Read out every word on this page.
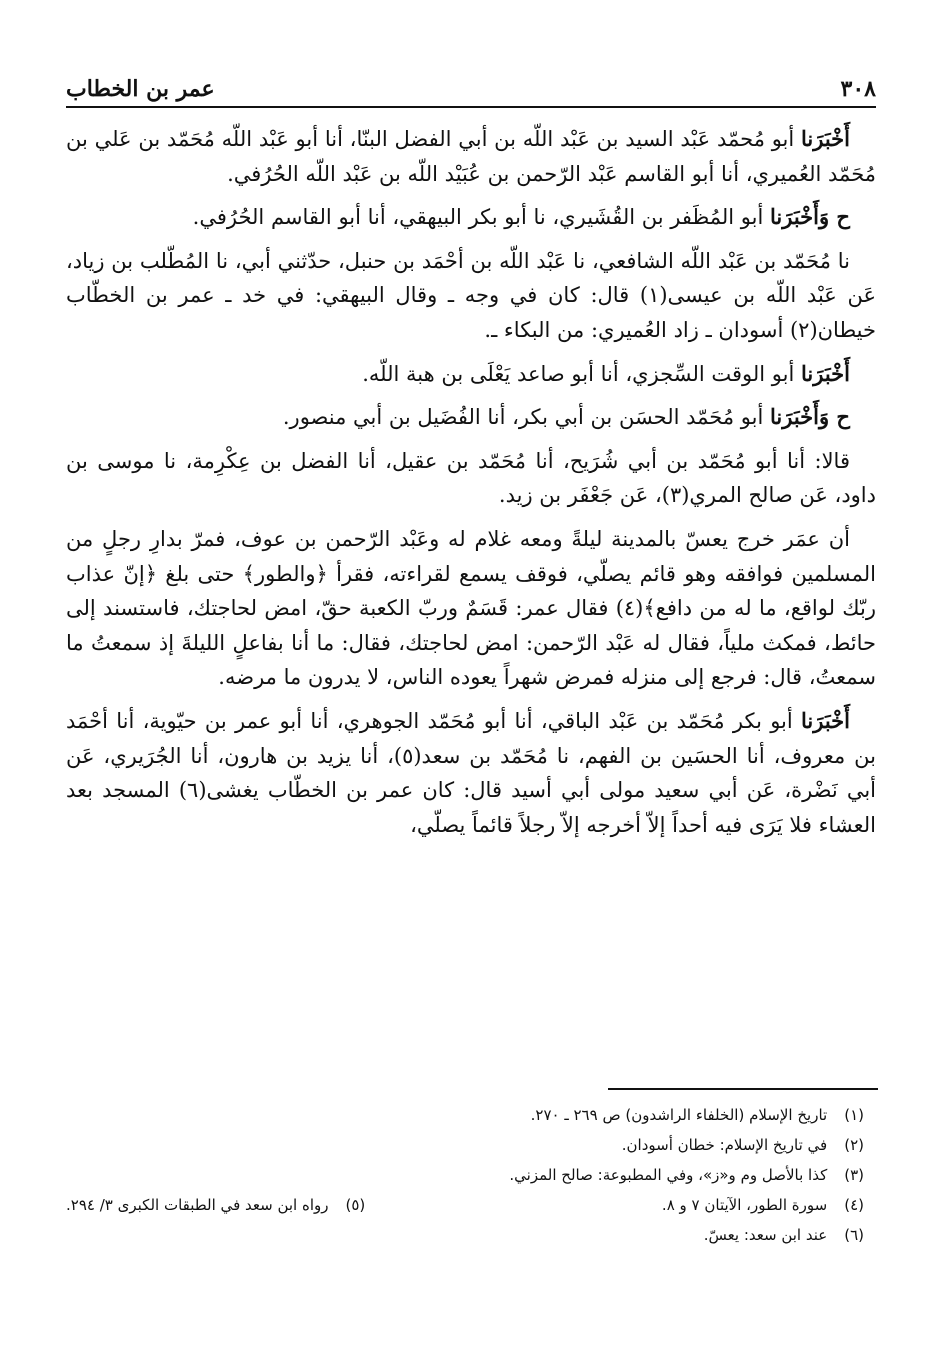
٣٠٨
عمر بن الخطاب

أَخْبَرَنا أبو مُحمّد عَبْد السيد بن عَبْد اللّه بن أبي الفضل البنّا، أنا أبو عَبْد اللّه مُحَمّد بن عَلي بن مُحَمّد العُميري، أنا أبو القاسم عَبْد الرّحمن بن عُبَيْد اللّه بن عَبْد اللّه الحُرُفي.

ح وَأَخْبَرَنا أبو المُظَفر بن القُشَيري، نا أبو بكر البيهقي، أنا أبو القاسم الحُرُفي.

نا مُحَمّد بن عَبْد اللّه الشافعي، نا عَبْد اللّه بن أحْمَد بن حنبل، حدّثني أبي، نا المُطّلب بن زياد، عَن عَبْد اللّه بن عيسى(١) قال: كان في وجه ـ وقال البيهقي: في خد ـ عمر بن الخطّاب خيطان(٢) أسودان ـ زاد العُميري: من البكاء ـ.

أَخْبَرَنا أبو الوقت السِّجزي، أنا أبو صاعد يَعْلَى بن هبة اللّه.

ح وَأَخْبَرَنا أبو مُحَمّد الحسَن بن أبي بكر، أنا الفُضَيل بن أبي منصور.

قالا: أنا أبو مُحَمّد بن أبي شُرَيح، أنا مُحَمّد بن عقيل، أنا الفضل بن عِكْرِمة، نا موسى بن داود، عَن صالح المري(٣)، عَن جَعْفَر بن زيد.

أن عمَر خرج يعسّ بالمدينة ليلةً ومعه غلام له وعَبْد الرّحمن بن عوف، فمرّ بدارِ رجلٍ من المسلمين فوافقه وهو قائم يصلّي، فوقف يسمع لقراءته، فقرأ ﴿والطور﴾ حتى بلغ ﴿إنّ عذاب ربّك لواقع، ما له من دافع﴾(٤) فقال عمر: قَسَمٌ وربّ الكعبة حقّ، امض لحاجتك، فاستسند إلى حائط، فمكث ملياً، فقال له عَبْد الرّحمن: امض لحاجتك، فقال: ما أنا بفاعلٍ الليلةَ إذ سمعتُ ما سمعتُ، قال: فرجع إلى منزله فمرض شهراً يعوده الناس، لا يدرون ما مرضه.

أَخْبَرَنا أبو بكر مُحَمّد بن عَبْد الباقي، أنا أبو مُحَمّد الجوهري، أنا أبو عمر بن حيّوية، أنا أحْمَد بن معروف، أنا الحسَين بن الفهم، نا مُحَمّد بن سعد(٥)، أنا يزيد بن هارون، أنا الجُرَيري، عَن أبي نَضْرة، عَن أبي سعيد مولى أبي أسيد قال: كان عمر بن الخطّاب يغشى(٦) المسجد بعد العشاء فلا يَرَى فيه أحداً إلاّ أخرجه إلاّ رجلاً قائماً يصلّي،

(١) تاريخ الإسلام (الخلفاء الراشدون) ص ٢٦٩ ـ ٢٧٠.
(٢) في تاريخ الإسلام: خطان أسودان.
(٣) كذا بالأصل وم و«ز»، وفي المطبوعة: صالح المزني.
(٤) سورة الطور، الآيتان ٧ و ٨.
(٥) رواه ابن سعد في الطبقات الكبرى ٣/ ٢٩٤.
(٦) عند ابن سعد: يعسّ.
